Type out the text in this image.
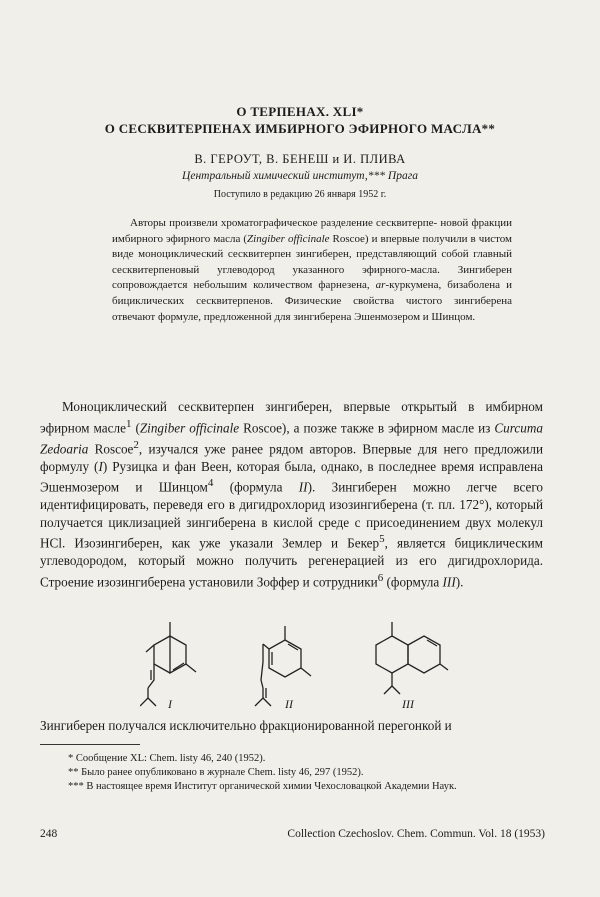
О ТЕРПЕНАХ. XLI*
О СЕСКВИТЕРПЕНАХ ИМБИРНОГО ЭФИРНОГО МАСЛА**
В. ГЕРОУТ, В. БЕНЕШ и И. ПЛИВА
Центральный химический институт,*** Прага
Поступило в редакцию 26 января 1952 г.

Авторы произвели хроматографическое разделение сесквитерпе- новой фракции имбирного эфирного масла (Zingiber officinale Roscoe) и впервые получили в чистом виде моноциклический сесквитерпен зингиберен, представляющий собой главный сесквитерпеновый углеводород указанного эфирного-масла. Зингиберен сопровождается небольшим количеством фарнезена, ar-куркумена, бизаболена и бициклических сесквитерпенов. Физические свойства чистого зингиберена отвечают формуле, предложенной для зингиберена Эшенмозером и Шинцом.

Моноциклический сесквитерпен зингиберен, впервые открытый в имбирном эфирном масле$^1$ (Zingiber officinale Roscoe), а позже также в эфирном масле из Curcuma Zedoaria Roscoe$^2$, изучался уже ранее рядом авторов. Впервые для него предложили формулу (I) Рузицка и фан Веен, которая была, однако, в последнее время исправлена Эшенмозером и Шинцом$^4$ (формула II). Зингиберен можно легче всего идентифицировать, переведя его в дигидрохлорид изозингиберена (т. пл. 172°), который получается циклизацией зингиберена в кислой среде с присоединением двух молекул HCl. Изозингиберен, как уже указали Землер и Бекер$^5$, является бициклическим углеводородом, который можно получить регенерацией из его дигидрохлорида. Строение изозингиберена установили Зоффер и сотрудники$^6$ (формула III).

I	II	III

Зингиберен получался исключительно фракционированной перегонкой и

* Сообщение XL: Chem. listy 46, 240 (1952).
** Было ранее опубликовано в журнале Chem. listy 46, 297 (1952).
*** В настоящее время Институт органической химии Чехословацкой Академии Наук.
248	Collection Czechoslov. Chem. Commun. Vol. 18 (1953)
